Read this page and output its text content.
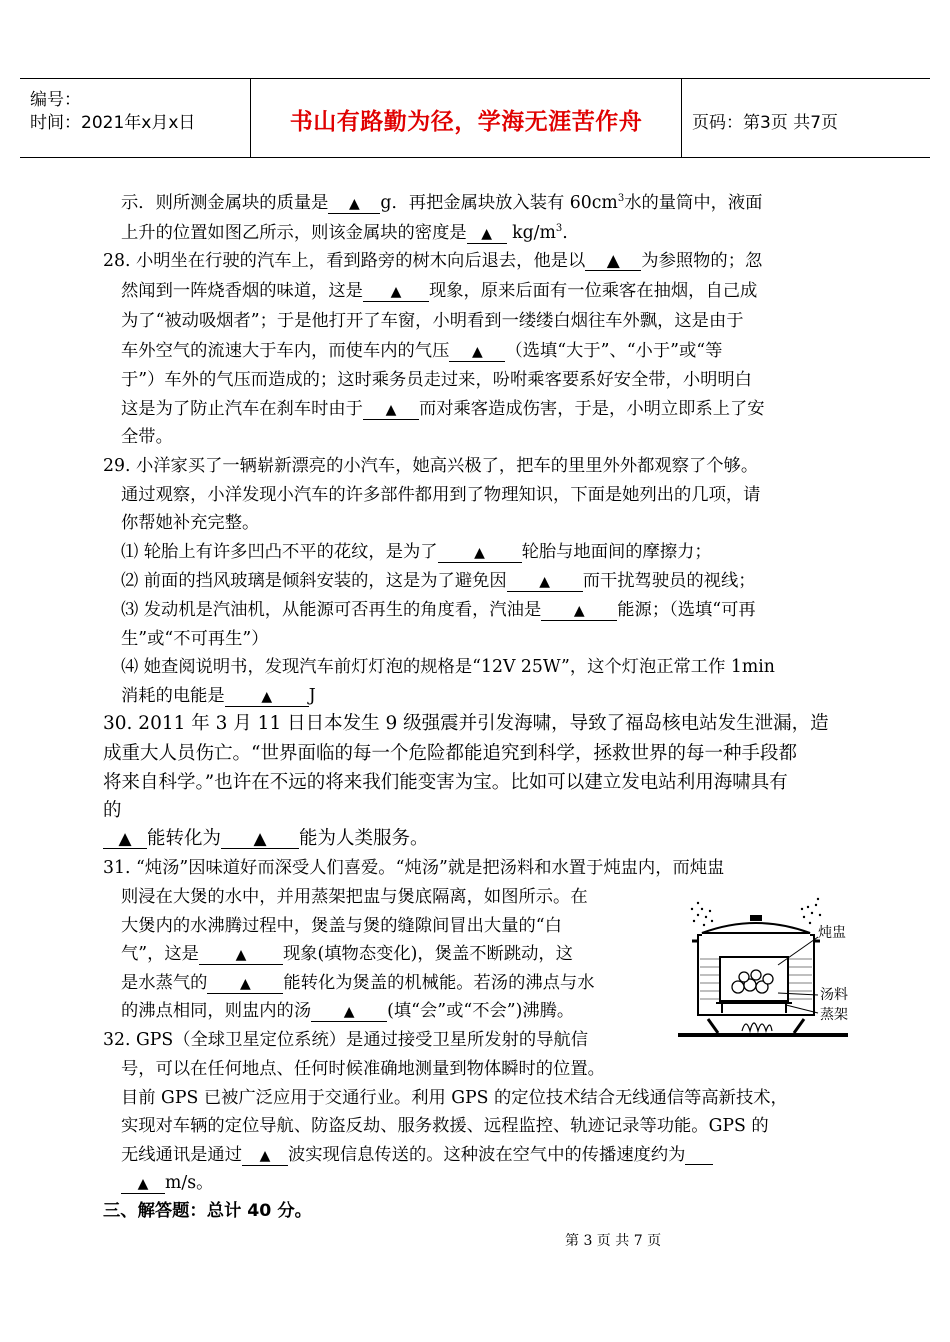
编号：
时间：2021年x月x日	书山有路勤为径，学海无涯苦作舟	页码：第3页 共7页
示．则所测金属块的质量是 ▲ g．再把金属块放入装有 $60cm^3$水的量筒中，液面
上升的位置如图乙所示，则该金属块的密度是 ▲ $kg/m^3$.
28. 小明坐在行驶的汽车上，看到路旁的树木向后退去，他是以 ▲ 为参照物的；忽
然闻到一阵烧香烟的味道，这是 ▲ 现象，原来后面有一位乘客在抽烟，自己成
为了“被动吸烟者”；于是他打开了车窗，小明看到一缕缕白烟往车外飘，这是由于
车外空气的流速大于车内，而使车内的气压 ▲ （选填“大于”、“小于”或“等
于”）车外的气压而造成的；这时乘务员走过来，吩咐乘客要系好安全带，小明明白
这是为了防止汽车在刹车时由于 ▲ 而对乘客造成伤害，于是，小明立即系上了安
全带。
29. 小洋家买了一辆崭新漂亮的小汽车，她高兴极了，把车的里里外外都观察了个够。
通过观察，小洋发现小汽车的许多部件都用到了物理知识，下面是她列出的几项，请
你帮她补充完整。
⑴ 轮胎上有许多凹凸不平的花纹，是为了	▲ 轮胎与地面间的摩擦力；
⑵ 前面的挡风玻璃是倾斜安装的，这是为了避免因 ▲ 而干扰驾驶员的视线；
⑶ 发动机是汽油机，从能源可否再生的角度看，汽油是 ▲ 能源；（选填“可再
生”或“不可再生”）
⑷ 她查阅说明书，发现汽车前灯灯泡的规格是“12V 25W”，这个灯泡正常工作 1min
消耗的电能是	▲ J
30. 2011 年 3 月 11 日日本发生 9 级强震并引发海啸，导致了福岛核电站发生泄漏，造
成重大人员伤亡。“世界面临的每一个危险都能追究到科学，拯救世界的每一种手段都
将来自科学。”也许在不远的将来我们能变害为宝。比如可以建立发电站利用海啸具有
的
▲ 能转化为 ▲ 能为人类服务。
31. “炖汤”因味道好而深受人们喜爱。“炖汤”就是把汤料和水置于炖盅内，而炖盅
则浸在大煲的水中，并用蒸架把盅与煲底隔离，如图所示。在
大煲内的水沸腾过程中，煲盖与煲的缝隙间冒出大量的“白
气”，这是	▲ 现象(填物态变化)，煲盖不断跳动，这
是水蒸气的 ▲ 能转化为煲盖的机械能。若汤的沸点与水
的沸点相同，则盅内的汤 ▲ (填“会”或“不会”)沸腾。
32. GPS（全球卫星定位系统）是通过接受卫星所发射的导航信
号，可以在任何地点、任何时候准确地测量到物体瞬时的位置。
目前 GPS 已被广泛应用于交通行业。利用 GPS 的定位技术结合无线通信等高新技术，
实现对车辆的定位导航、防盗反劫、服务救援、远程监控、轨迹记录等功能。GPS 的
无线通讯是通过 ▲ 波实现信息传送的。这种波在空气中的传播速度约为
▲ m/s。
三、解答题：总计 40 分。
炖盅
汤料
蒸架
第 3 页 共 7 页
